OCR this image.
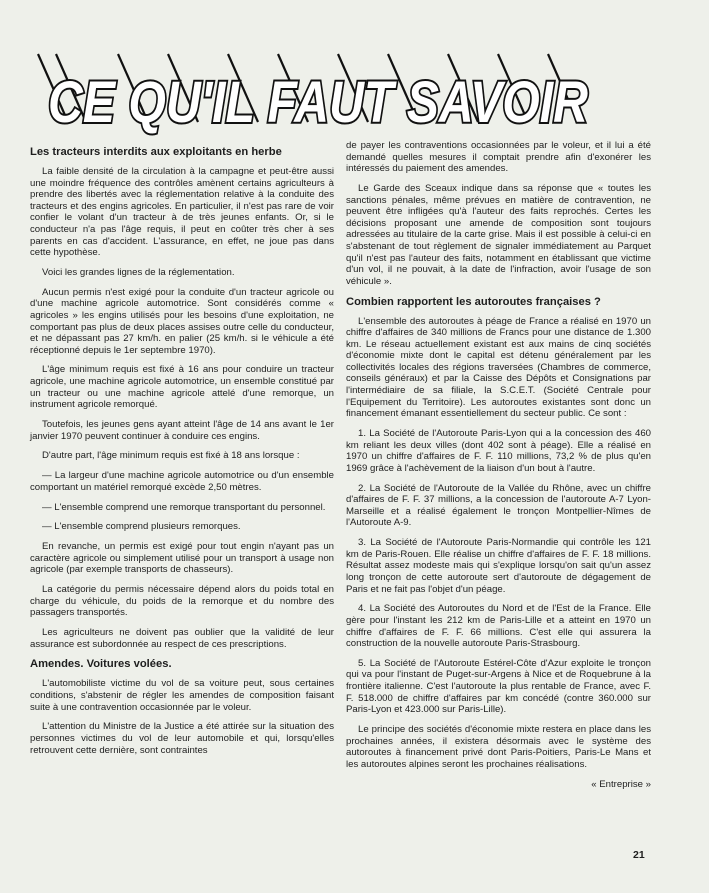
CE QU'IL FAUT SAVOIR
Les tracteurs interdits aux exploitants en herbe

La faible densité de la circulation à la campagne et peut-être aussi une moindre fréquence des contrôles amènent certains agriculteurs à prendre des libertés avec la réglementation relative à la conduite des tracteurs et des engins agricoles. En particulier, il n'est pas rare de voir confier le volant d'un tracteur à de très jeunes enfants. Or, si le conducteur n'a pas l'âge requis, il peut en coûter très cher à ses parents en cas d'accident. L'assurance, en effet, ne joue pas dans cette hypothèse.

Voici les grandes lignes de la réglementation.

Aucun permis n'est exigé pour la conduite d'un tracteur agricole ou d'une machine agricole automotrice. Sont considérés comme « agricoles » les engins utilisés pour les besoins d'une exploitation, ne comportant pas plus de deux places assises outre celle du conducteur, et ne dépassant pas 27 km/h. en palier (25 km/h. si le véhicule a été réceptionné depuis le 1er septembre 1970).

L'âge minimum requis est fixé à 16 ans pour conduire un tracteur agricole, une machine agricole automotrice, un ensemble constitué par un tracteur ou une machine agricole attelé d'une remorque, un instrument agricole remorqué.

Toutefois, les jeunes gens ayant atteint l'âge de 14 ans avant le 1er janvier 1970 peuvent continuer à conduire ces engins.

D'autre part, l'âge minimum requis est fixé à 18 ans lorsque :

— La largeur d'une machine agricole automotrice ou d'un ensemble comportant un matériel remorqué excède 2,50 mètres.

— L'ensemble comprend une remorque transportant du personnel.

— L'ensemble comprend plusieurs remorques.

En revanche, un permis est exigé pour tout engin n'ayant pas un caractère agricole ou simplement utilisé pour un transport à usage non agricole (par exemple transports de chasseurs).

La catégorie du permis nécessaire dépend alors du poids total en charge du véhicule, du poids de la remorque et du nombre des passagers transportés.

Les agriculteurs ne doivent pas oublier que la validité de leur assurance est subordonnée au respect de ces prescriptions.

Amendes. Voitures volées.

L'automobiliste victime du vol de sa voiture peut, sous certaines conditions, s'abstenir de régler les amendes de composition faisant suite à une contravention occasionnée par le voleur.

L'attention du Ministre de la Justice a été attirée sur la situation des personnes victimes du vol de leur automobile et qui, lorsqu'elles retrouvent cette dernière, sont contraintes

de payer les contraventions occasionnées par le voleur, et il lui a été demandé quelles mesures il comptait prendre afin d'exonérer les intéressés du paiement des amendes.

Le Garde des Sceaux indique dans sa réponse que « toutes les sanctions pénales, même prévues en matière de contravention, ne peuvent être infligées qu'à l'auteur des faits reprochés. Certes les décisions proposant une amende de composition sont toujours adressées au titulaire de la carte grise. Mais il est possible à celui-ci en s'abstenant de tout règlement de signaler immédiatement au Parquet qu'il n'est pas l'auteur des faits, notamment en établissant que victime d'un vol, il ne pouvait, à la date de l'infraction, avoir l'usage de son véhicule ».

Combien rapportent les autoroutes françaises ?

L'ensemble des autoroutes à péage de France a réalisé en 1970 un chiffre d'affaires de 340 millions de Francs pour une distance de 1.300 km. Le réseau actuellement existant est aux mains de cinq sociétés d'économie mixte dont le capital est détenu généralement par les collectivités locales des régions traversées (Chambres de commerce, conseils généraux) et par la Caisse des Dépôts et Consignations par l'intermédiaire de sa filiale, la S.C.E.T. (Société Centrale pour l'Equipement du Territoire). Les autoroutes existantes sont donc un financement émanant essentiellement du secteur public. Ce sont :

1. La Société de l'Autoroute Paris-Lyon qui a la concession des 460 km reliant les deux villes (dont 402 sont à péage). Elle a réalisé en 1970 un chiffre d'affaires de F. F. 110 millions, 73,2 % de plus qu'en 1969 grâce à l'achèvement de la liaison d'un bout à l'autre.

2. La Société de l'Autoroute de la Vallée du Rhône, avec un chiffre d'affaires de F. F. 37 millions, a la concession de l'autoroute A-7 Lyon-Marseille et a réalisé également le tronçon Montpellier-Nîmes de l'Autoroute A-9.

3. La Société de l'Autoroute Paris-Normandie qui contrôle les 121 km de Paris-Rouen. Elle réalise un chiffre d'affaires de F. F. 18 millions. Résultat assez modeste mais qui s'explique lorsqu'on sait qu'un assez long tronçon de cette autoroute sert d'autoroute de dégagement de Paris et ne fait pas l'objet d'un péage.

4. La Société des Autoroutes du Nord et de l'Est de la France. Elle gère pour l'instant les 212 km de Paris-Lille et a atteint en 1970 un chiffre d'affaires de F. F. 66 millions. C'est elle qui assurera la construction de la nouvelle autoroute Paris-Strasbourg.

5. La Société de l'Autoroute Estérel-Côte d'Azur exploite le tronçon qui va pour l'instant de Puget-sur-Argens à Nice et de Roquebrune à la frontière italienne. C'est l'autoroute la plus rentable de France, avec F. F. 518.000 de chiffre d'affaires par km concédé (contre 360.000 sur Paris-Lyon et 423.000 sur Paris-Lille).

Le principe des sociétés d'économie mixte restera en place dans les prochaines années, il existera désormais avec le système des autoroutes à financement privé dont Paris-Poitiers, Paris-Le Mans et les autoroutes alpines seront les prochaines réalisations.

« Entreprise »

21
